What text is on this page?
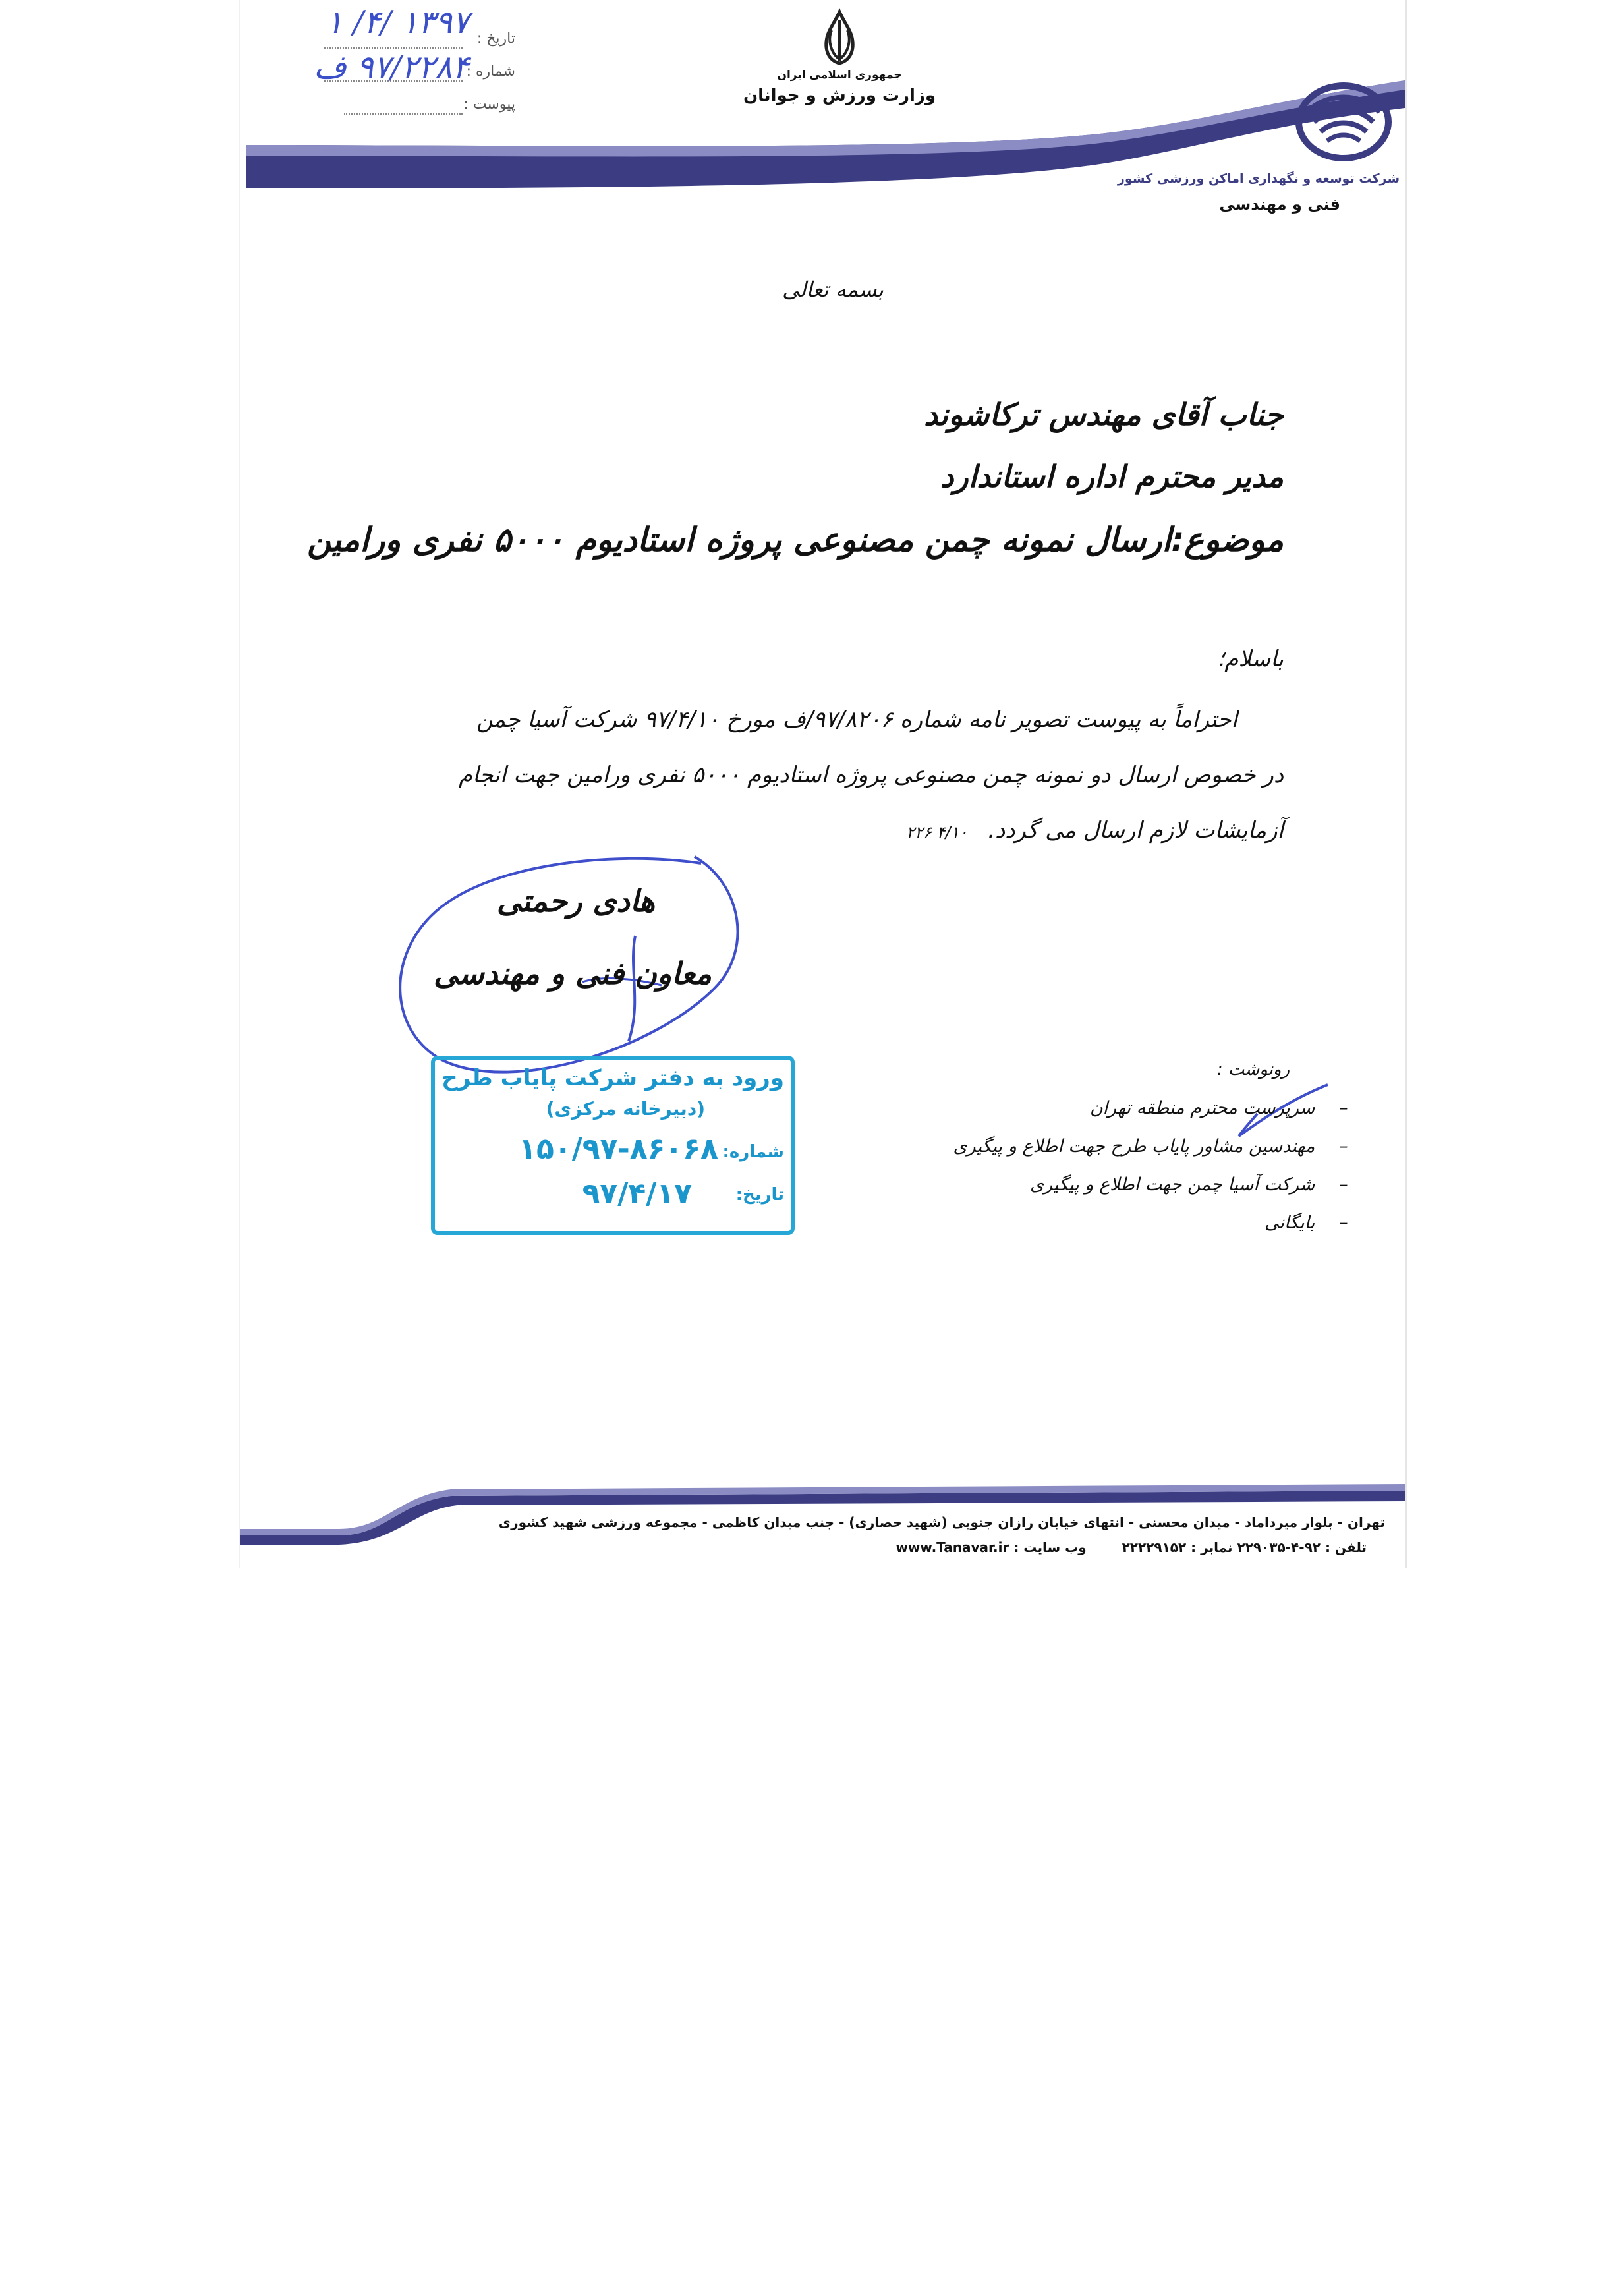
تاریخ :
شماره :
پیوست :
۱۳۹۷ /۴/ ۱
۹۷/۲۲۸۴ ف	جمهوری اسلامی ایران
وزارت ورزش و جوانان
شرکت توسعه و نگهداری اماکن ورزشی کشور
فنی و مهندسی
بسمه تعالی
جناب آقای مهندس ترکاشوند
مدیر محترم اداره استاندارد
موضوع:ارسال نمونه چمن مصنوعی پروژه استادیوم ۵۰۰۰ نفری ورامین
باسلام؛
احتراماً به پیوست تصویر نامه شماره ۹۷/۸۲۰۶/ف مورخ ۹۷/۴/۱۰ شرکت آسیا چمن
در خصوص ارسال دو نمونه چمن مصنوعی پروژه استادیوم ۵۰۰۰ نفری ورامین جهت انجام
آزمایشات لازم ارسال می گردد. ۴/۱۰ ۲۲۶
هادی رحمتی
معاون فنی و مهندسی
ورود به دفتر شرکت پایاب طرح
(دبیرخانه مرکزی)
شماره:
۱۵۰/۹۷-۸۶۰۶۸
تاریخ:
۹۷/۴/۱۷
رونوشت :
– سرپرست محترم منطقه تهران
– مهندسین مشاور پایاب طرح جهت اطلاع و پیگیری
– شرکت آسیا چمن جهت اطلاع و پیگیری
– بایگانی
تهران - بلوار میرداماد - میدان محسنی - انتهای خیابان رازان جنوبی (شهید حصاری) - جنب میدان کاظمی - مجموعه ورزشی شهید کشوری
تلفن : ۹۲-۴-۲۲۹۰۳۵ نمابر : ۲۲۲۲۹۱۵۲  وب سایت : www.Tanavar.ir
